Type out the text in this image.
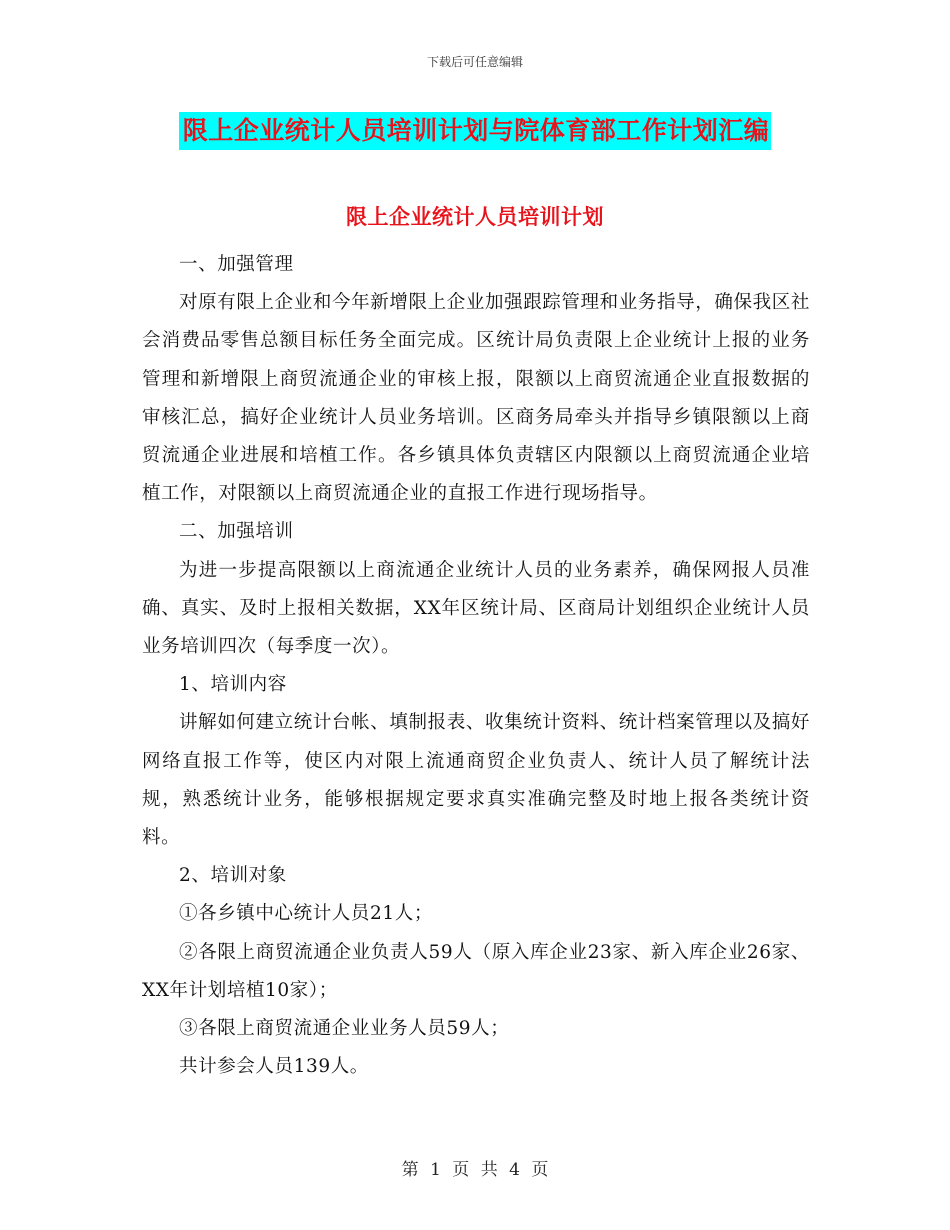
下载后可任意编辑
限上企业统计人员培训计划与院体育部工作计划汇编
限上企业统计人员培训计划

一、加强管理

对原有限上企业和今年新增限上企业加强跟踪管理和业务指导，确保我区社会消费品零售总额目标任务全面完成。区统计局负责限上企业统计上报的业务管理和新增限上商贸流通企业的审核上报，限额以上商贸流通企业直报数据的审核汇总，搞好企业统计人员业务培训。区商务局牵头并指导乡镇限额以上商贸流通企业进展和培植工作。各乡镇具体负责辖区内限额以上商贸流通企业培植工作，对限额以上商贸流通企业的直报工作进行现场指导。

二、加强培训

为进一步提高限额以上商流通企业统计人员的业务素养，确保网报人员准确、真实、及时上报相关数据，XX年区统计局、区商局计划组织企业统计人员业务培训四次（每季度一次）。

1、培训内容

讲解如何建立统计台帐、填制报表、收集统计资料、统计档案管理以及搞好网络直报工作等，使区内对限上流通商贸企业负责人、统计人员了解统计法规，熟悉统计业务，能够根据规定要求真实准确完整及时地上报各类统计资料。

2、培训对象

①各乡镇中心统计人员21人；

②各限上商贸流通企业负责人59人（原入库企业23家、新入库企业26家、XX年计划培植10家）；

③各限上商贸流通企业业务人员59人；

共计参会人员139人。

第 1 页 共 4 页
